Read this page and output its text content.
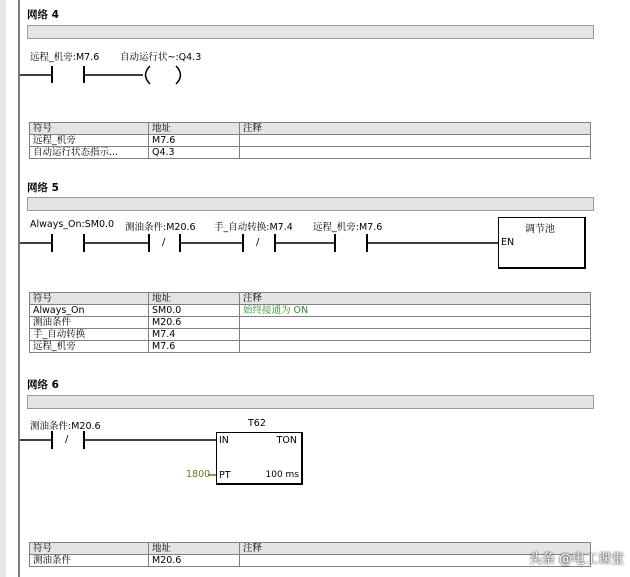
网络 4
远程_机旁:M7.6 自动运行状~:Q4.3
/	/
/
符号	地址	注释
远程_机旁	M7.6	
自动运行状态指示...	Q4.3	
网络 5
Always_On:SM0.0 测油条件:M20.6 手_自动转换:M7.4 远程_机旁:M7.6	调节池
EN
符号	地址	注释
Always_On	SM0.0	始终接通为 ON
测油条件	M20.6	
手_自动转换	M7.4	
远程_机旁	M7.6	
网络 6
测油条件:M20.6	T62
IN	TON
PT	100 ms
1800
符号	地址	注释
测油条件	M20.6		头条 @电工课堂
